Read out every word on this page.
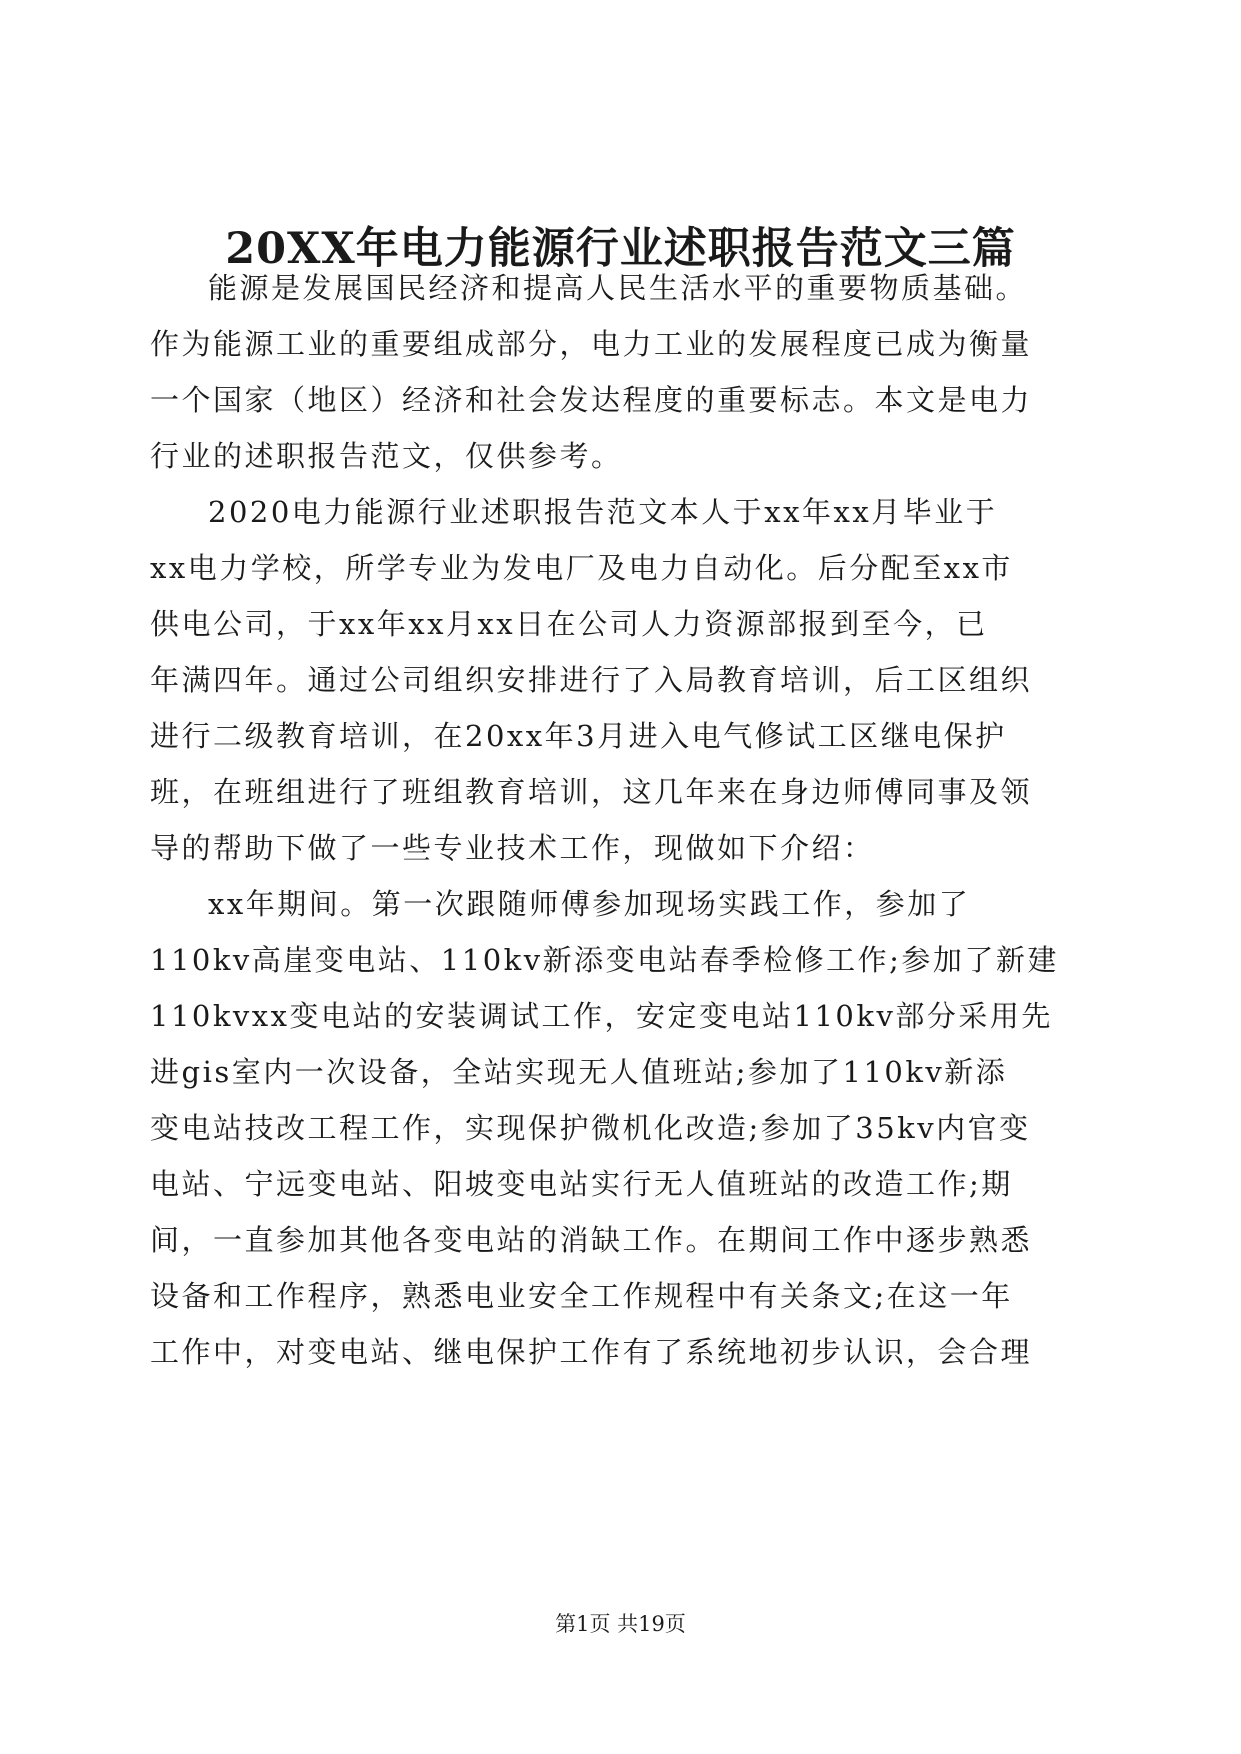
20XX年电力能源行业述职报告范文三篇
能源是发展国民经济和提高人民生活水平的重要物质基础。
作为能源工业的重要组成部分，电力工业的发展程度已成为衡量
一个国家（地区）经济和社会发达程度的重要标志。本文是电力
行业的述职报告范文，仅供参考。
2020电力能源行业述职报告范文本人于xx年xx月毕业于
xx电力学校，所学专业为发电厂及电力自动化。后分配至xx市
供电公司，于xx年xx月xx日在公司人力资源部报到至今，已
年满四年。通过公司组织安排进行了入局教育培训，后工区组织
进行二级教育培训，在20xx年3月进入电气修试工区继电保护
班，在班组进行了班组教育培训，这几年来在身边师傅同事及领
导的帮助下做了一些专业技术工作，现做如下介绍：
xx年期间。第一次跟随师傅参加现场实践工作，参加了
110kv高崖变电站、110kv新添变电站春季检修工作;参加了新建
110kvxx变电站的安装调试工作，安定变电站110kv部分采用先
进gis室内一次设备，全站实现无人值班站;参加了110kv新添
变电站技改工程工作，实现保护微机化改造;参加了35kv内官变
电站、宁远变电站、阳坡变电站实行无人值班站的改造工作;期
间，一直参加其他各变电站的消缺工作。在期间工作中逐步熟悉
设备和工作程序，熟悉电业安全工作规程中有关条文;在这一年
工作中，对变电站、继电保护工作有了系统地初步认识，会合理
第1页 共19页
